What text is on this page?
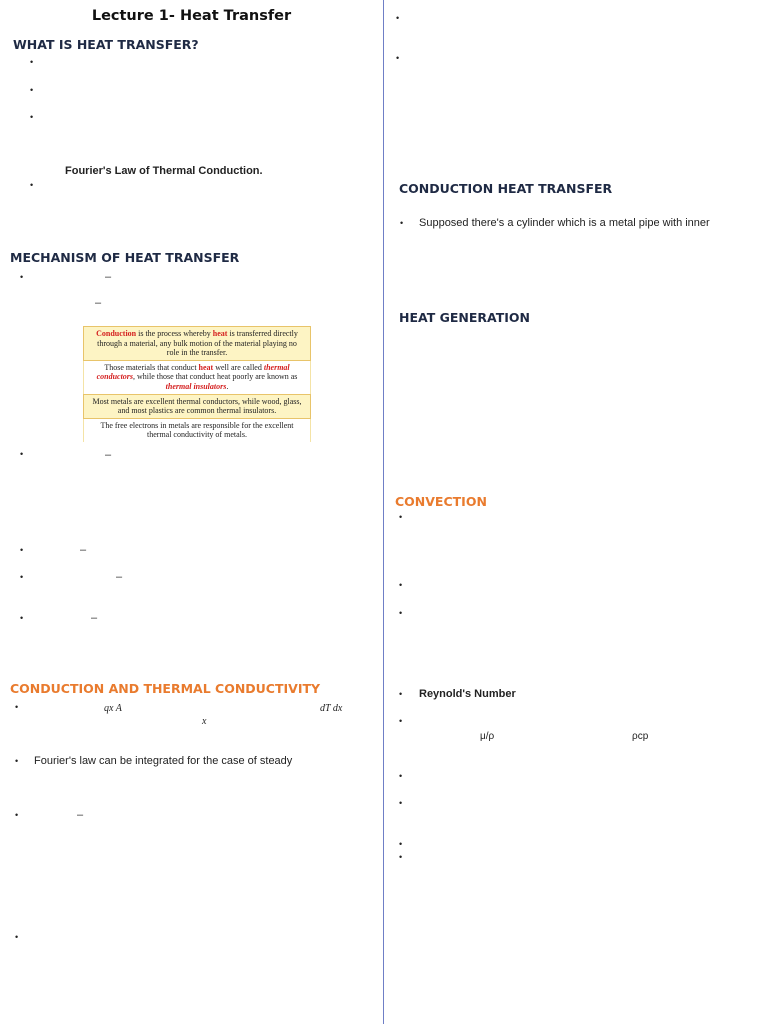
Lecture 1- Heat Transfer
WHAT IS HEAT TRANSFER?
•
•
•
Fourier's Law of Thermal Conduction.
•
MECHANISM OF HEAT TRANSFER
•	–
–
Conduction is the process whereby heat is transferred directly through a material, any bulk motion of the material playing no role in the transfer.
Those materials that conduct heat well are called thermal conductors, while those that conduct heat poorly are known as thermal insulators.
Most metals are excellent thermal conductors, while wood, glass, and most plastics are common thermal insulators.
The free electrons in metals are responsible for the excellent thermal conductivity of metals.
•	–
•	–
•	–
•	–
CONDUCTION AND THERMAL CONDUCTIVITY
•	qx A	dT dx
x
• Fourier's law can be integrated for the case of steady
•	–
•
•
•
CONDUCTION HEAT TRANSFER
• Supposed there's a cylinder which is a metal pipe with inner
HEAT GENERATION
CONVECTION
•
•
•
• Reynold's Number
•
μ/ρ	ρcp
•
•
•
•
